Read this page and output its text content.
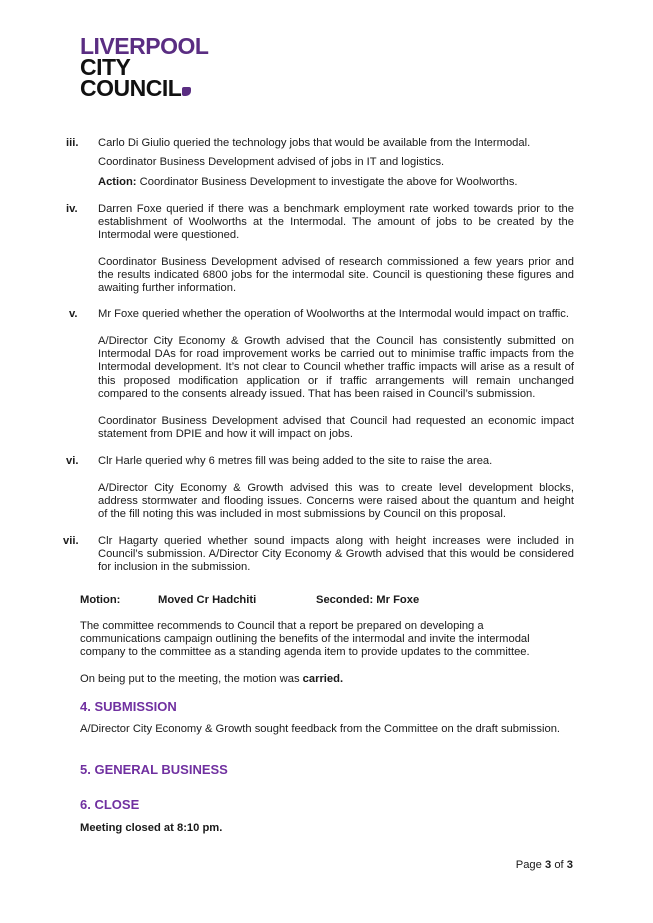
LIVERPOOL
CITY
COUNCIL
iii.	Carlo Di Giulio queried the technology jobs that would be available from the Intermodal.
Coordinator Business Development advised of jobs in IT and logistics.
Action: Coordinator Business Development to investigate the above for Woolworths.
iv.	Darren Foxe queried if there was a benchmark employment rate worked towards prior to the establishment of Woolworths at the Intermodal. The amount of jobs to be created by the Intermodal were questioned.
Coordinator Business Development advised of research commissioned a few years prior and the results indicated 6800 jobs for the intermodal site. Council is questioning these figures and awaiting further information.
v.	Mr Foxe queried whether the operation of Woolworths at the Intermodal would impact on traffic.
A/Director City Economy & Growth advised that the Council has consistently submitted on Intermodal DAs for road improvement works be carried out to minimise traffic impacts from the Intermodal development. It’s not clear to Council whether traffic impacts will arise as a result of this proposed modification application or if traffic arrangements will remain unchanged compared to the consents already issued. That has been raised in Council’s submission.
Coordinator Business Development advised that Council had requested an economic impact statement from DPIE and how it will impact on jobs.
vi.	Clr Harle queried why 6 metres fill was being added to the site to raise the area.
A/Director City Economy & Growth advised this was to create level development blocks, address stormwater and flooding issues. Concerns were raised about the quantum and height of the fill noting this was included in most submissions by Council on this proposal.
vii.	Clr Hagarty queried whether sound impacts along with height increases were included in Council’s submission. A/Director City Economy & Growth advised that this would be considered for inclusion in the submission.
Motion:	Moved Cr Hadchiti	Seconded: Mr Foxe
The committee recommends to Council that a report be prepared on developing a communications campaign outlining the benefits of the intermodal and invite the intermodal company to the committee as a standing agenda item to provide updates to the committee.
On being put to the meeting, the motion was carried.
4. SUBMISSION
A/Director City Economy & Growth sought feedback from the Committee on the draft submission.
5. GENERAL BUSINESS
6. CLOSE
Meeting closed at 8:10 pm.
Page 3 of 3
